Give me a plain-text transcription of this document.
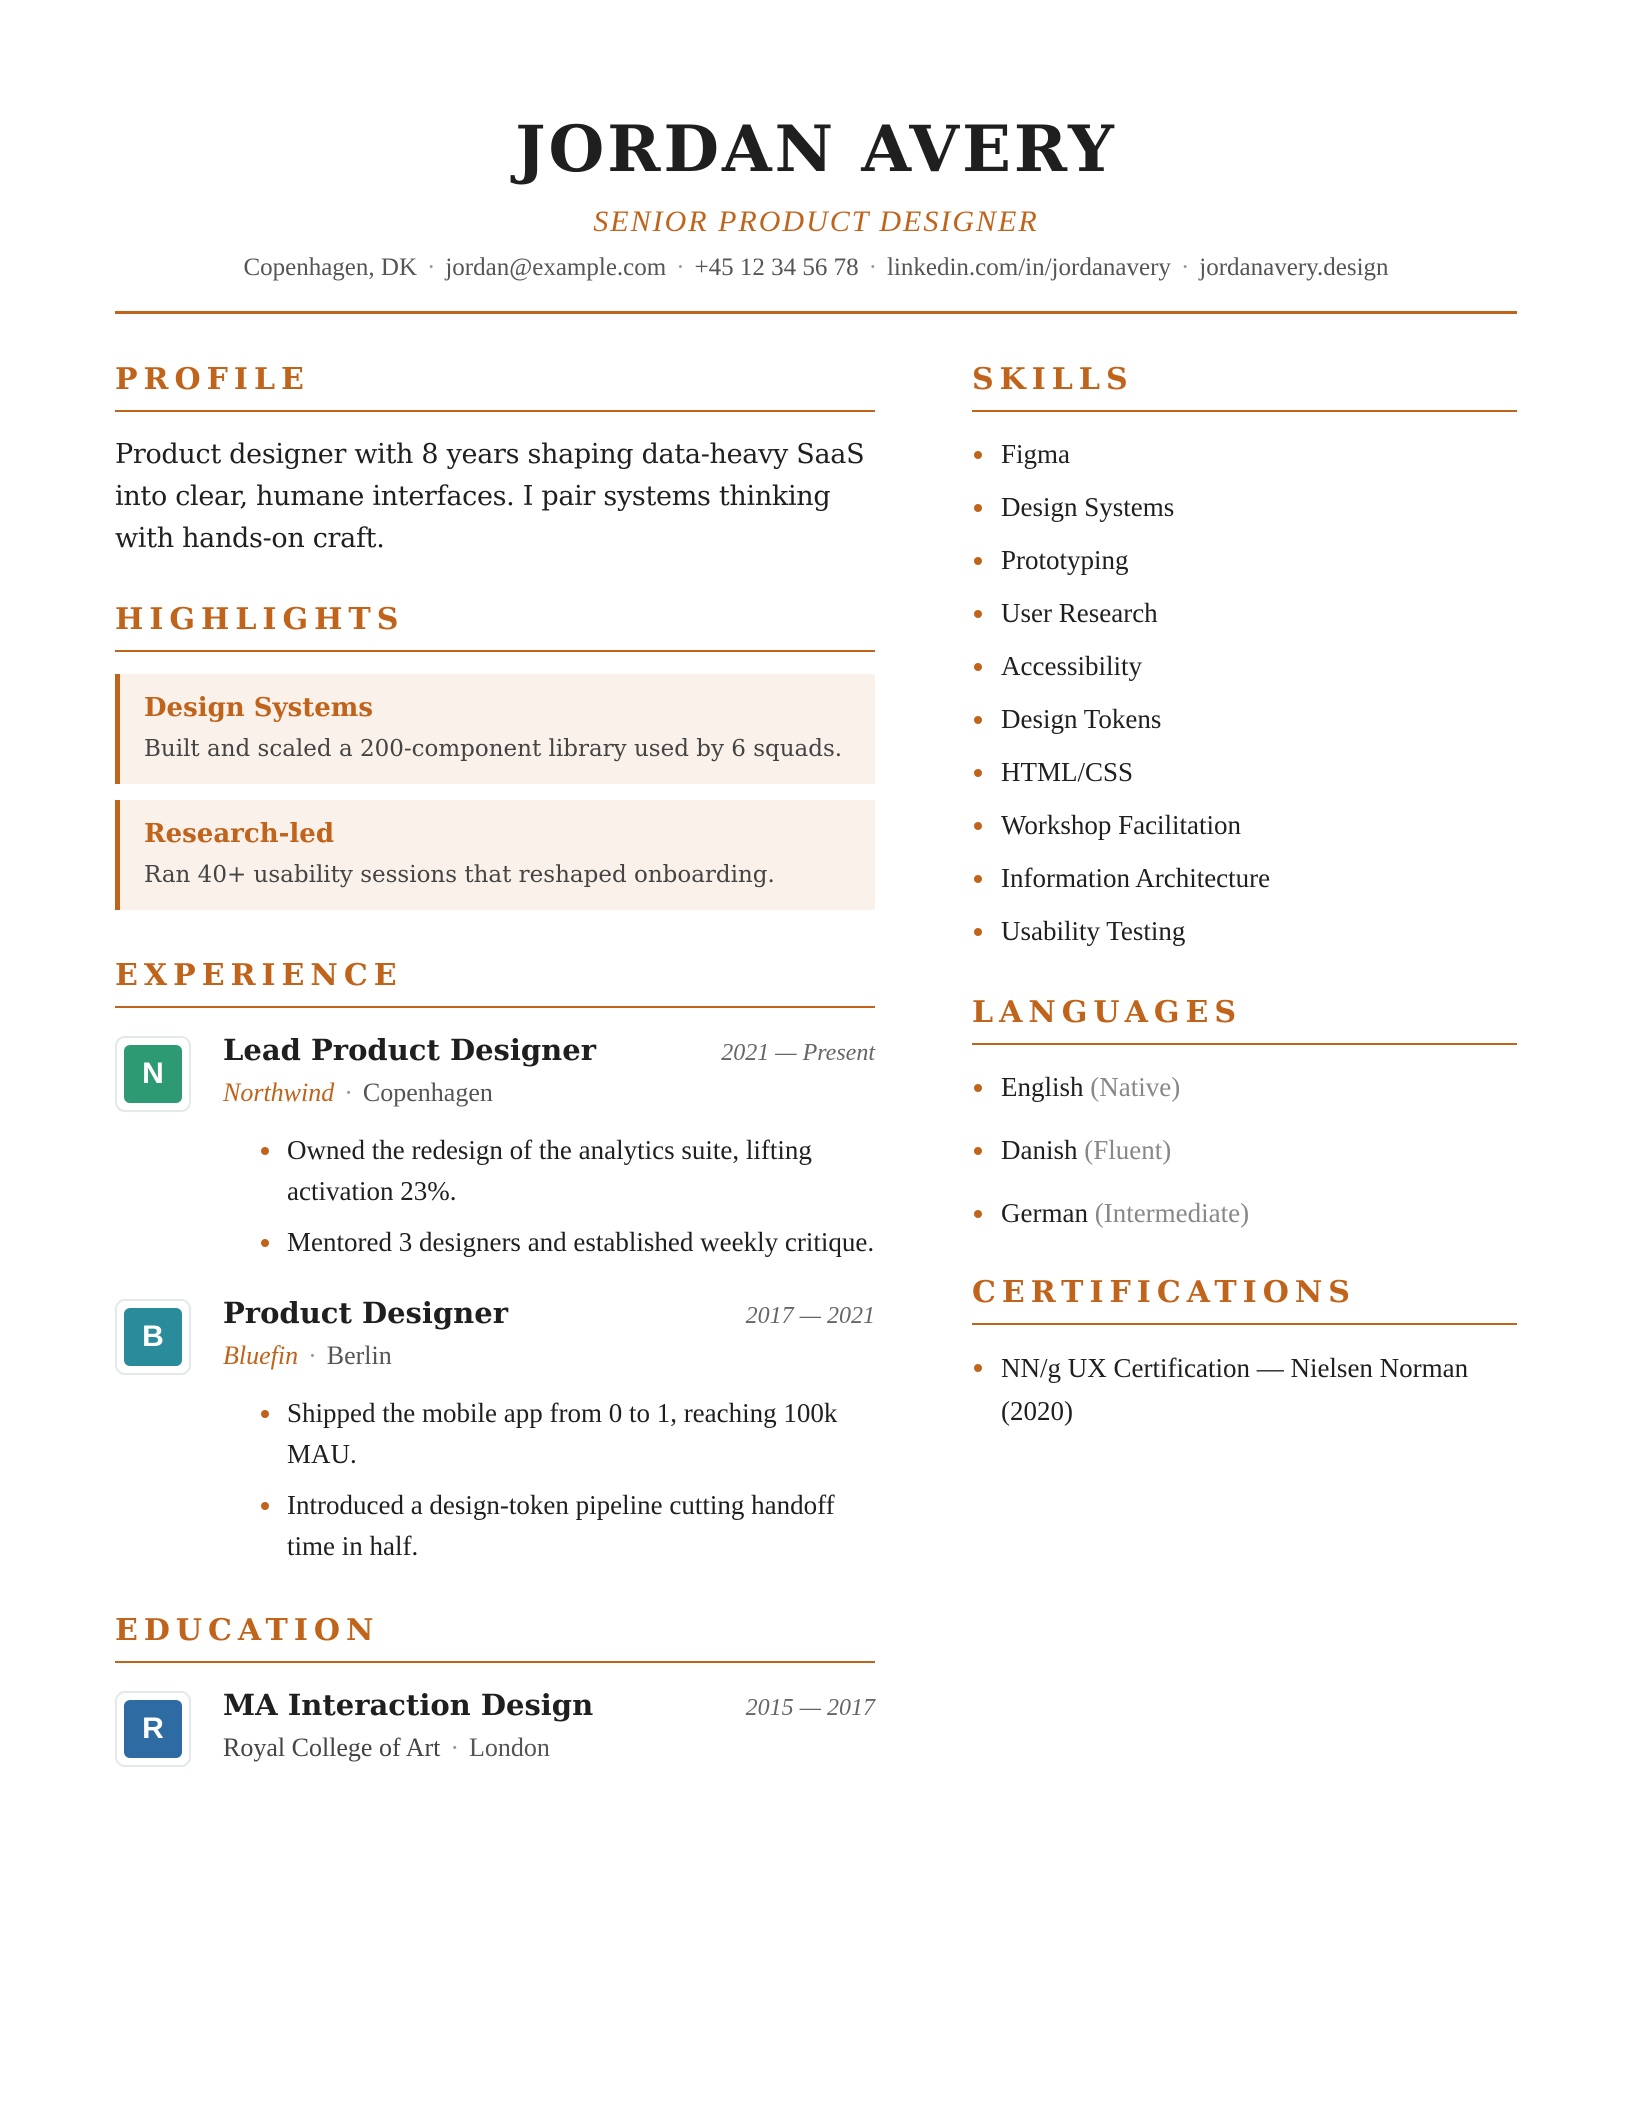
JORDAN AVERY
SENIOR PRODUCT DESIGNER
Copenhagen, DK · jordan@example.com · +45 12 34 56 78 · linkedin.com/in/jordanavery · jordanavery.design
PROFILE

Product designer with 8 years shaping data-heavy SaaS into clear, humane interfaces. I pair systems thinking with hands-on craft.

HIGHLIGHTS
Design Systems
Built and scaled a 200-component library used by 6 squads.
Research-led
Ran 40+ usability sessions that reshaped onboarding.
EXPERIENCE
N
Lead Product Designer	2021 — Present
Northwind · Copenhagen
Owned the redesign of the analytics suite, lifting activation 23%.
Mentored 3 designers and established weekly critique.
B
Product Designer	2017 — 2021
Bluefin · Berlin
Shipped the mobile app from 0 to 1, reaching 100k MAU.
Introduced a design-token pipeline cutting handoff time in half.
EDUCATION
R
MA Interaction Design	2015 — 2017
Royal College of Art · London
SKILLS
Figma
Design Systems
Prototyping
User Research
Accessibility
Design Tokens
HTML/CSS
Workshop Facilitation
Information Architecture
Usability Testing
LANGUAGES
English (Native)
Danish (Fluent)
German (Intermediate)
CERTIFICATIONS
NN/g UX Certification — Nielsen Norman (2020)
